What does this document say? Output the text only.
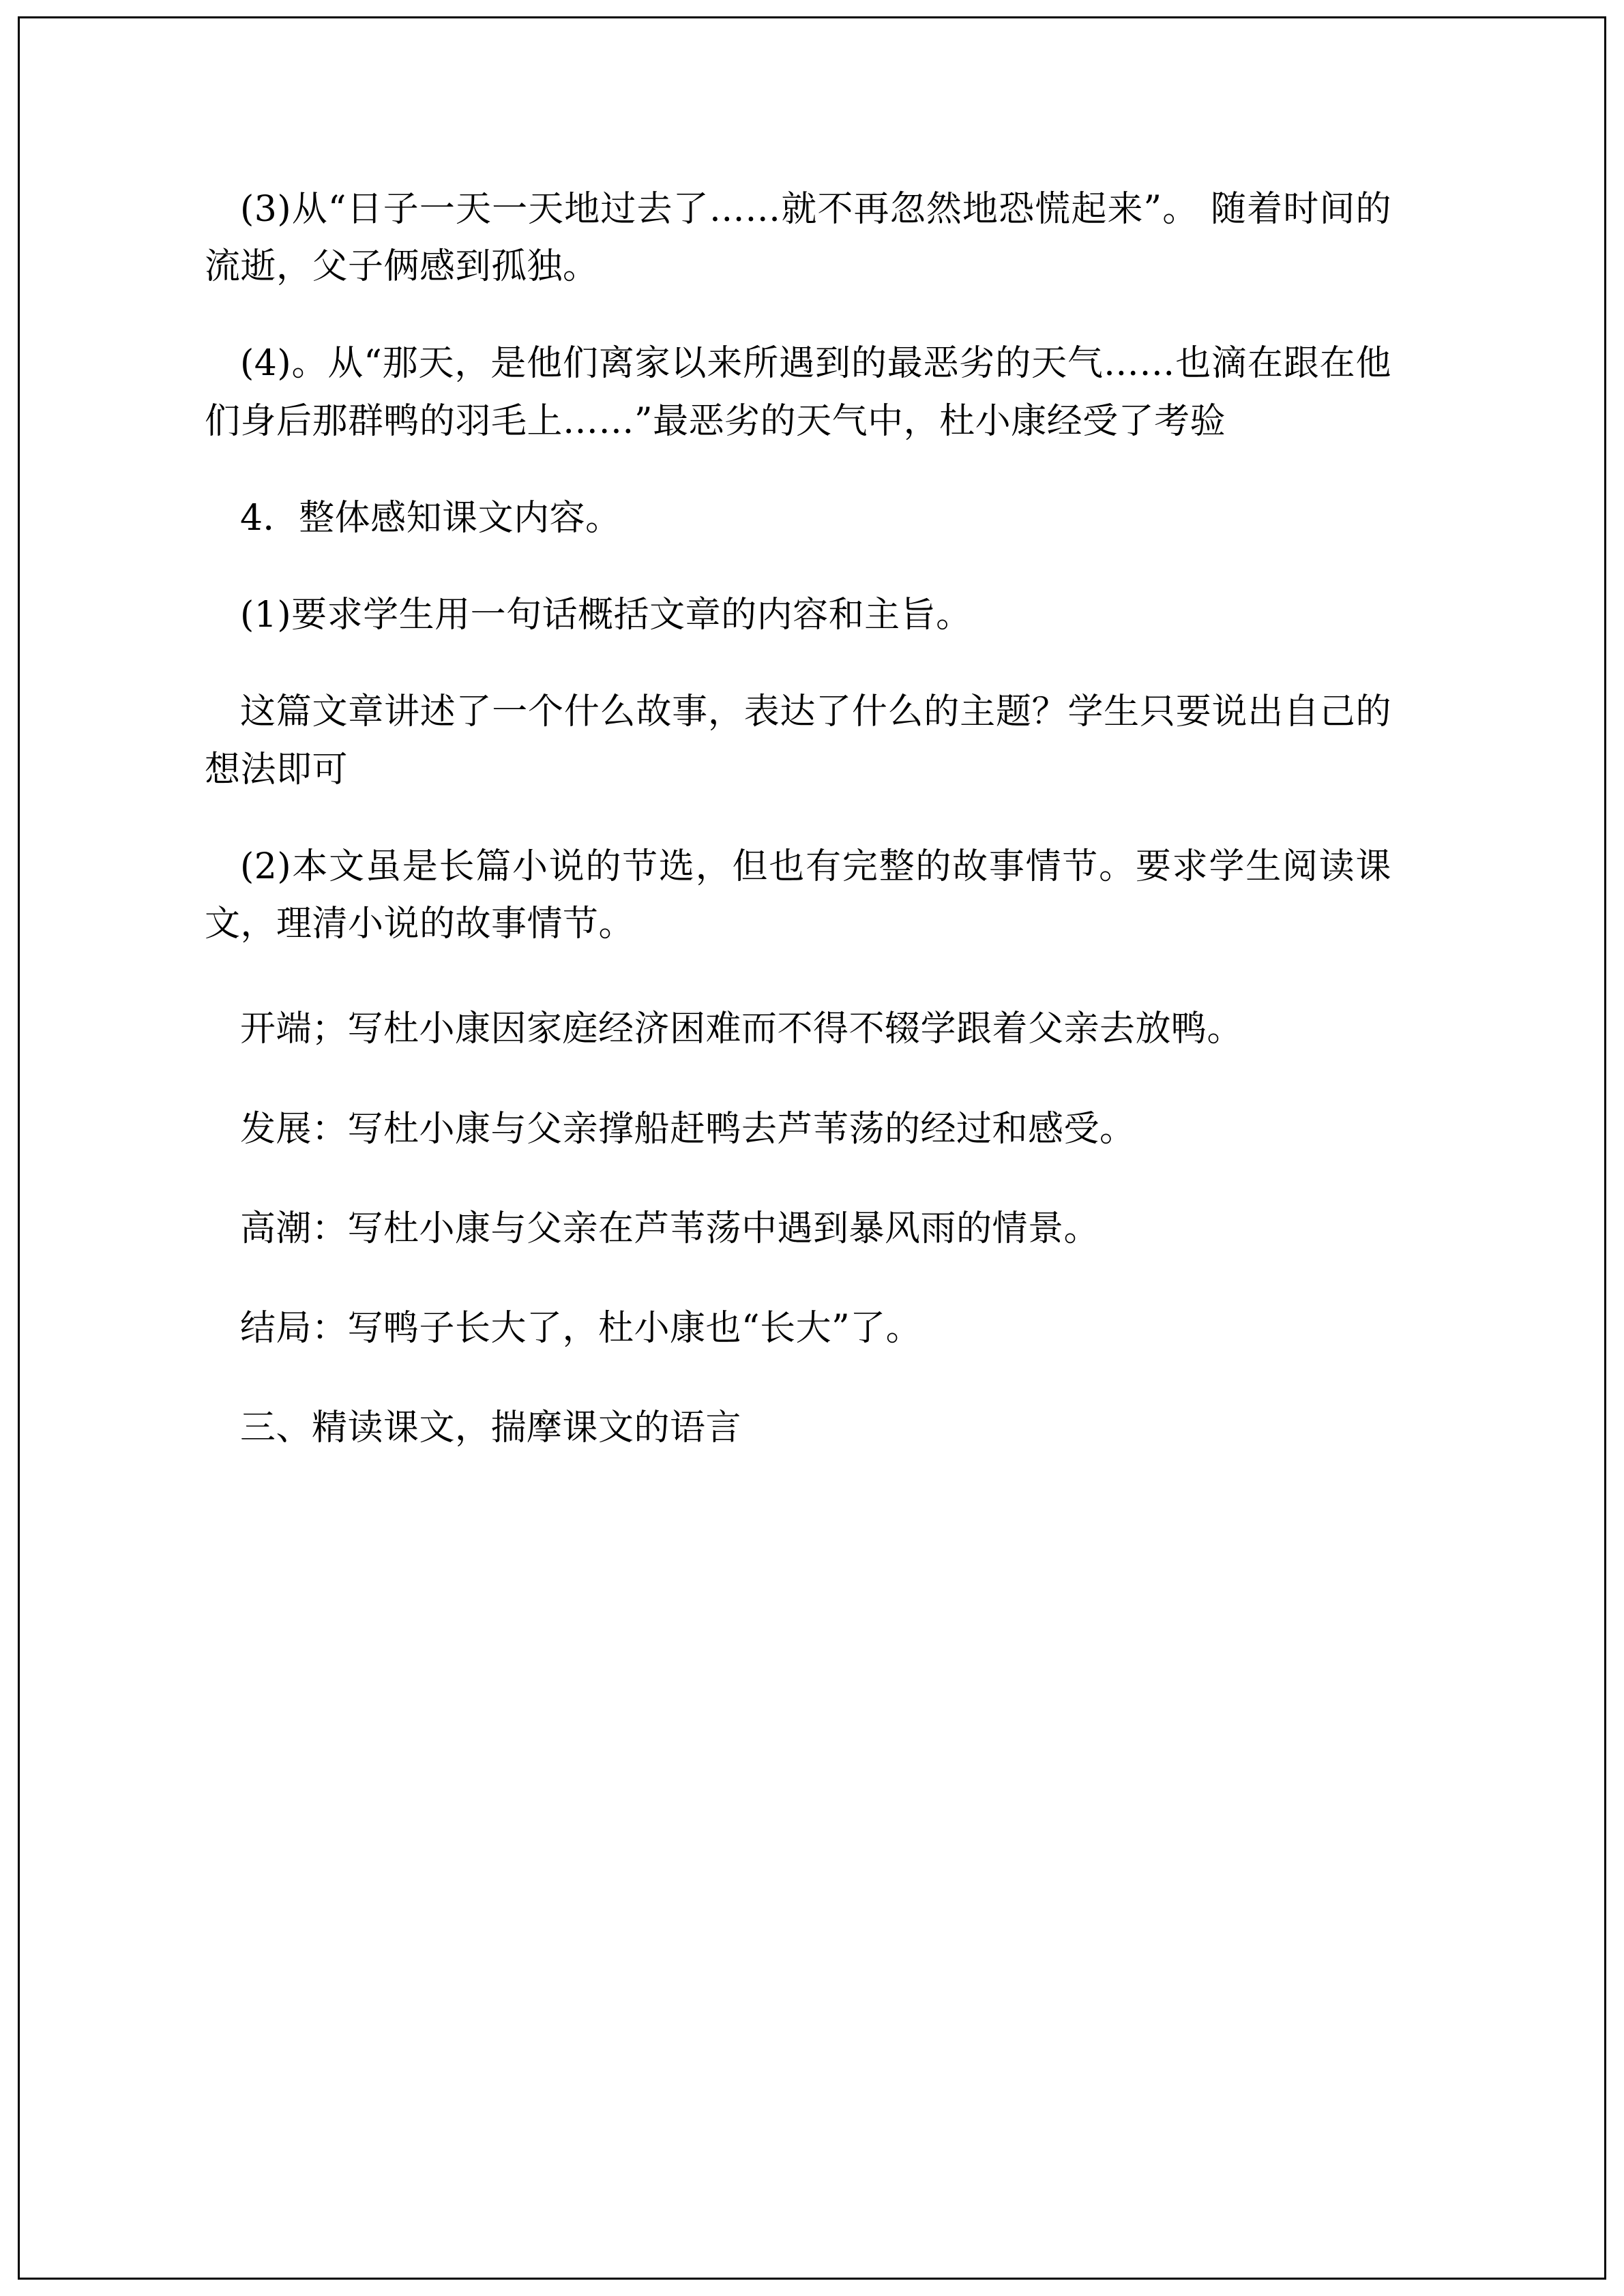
(3)从“日子一天一天地过去了……就不再忽然地恐慌起来”。 随着时间的流逝，父子俩感到孤独。

(4)。从“那天，是他们离家以来所遇到的最恶劣的天气……也滴在跟在他们身后那群鸭的羽毛上……”最恶劣的天气中，杜小康经受了考验

4．整体感知课文内容。

(1)要求学生用一句话概括文章的内容和主旨。

这篇文章讲述了一个什么故事，表达了什么的主题？学生只要说出自己的想法即可

(2)本文虽是长篇小说的节选，但也有完整的故事情节。要求学生阅读课文，理清小说的故事情节。

开端；写杜小康因家庭经济困难而不得不辍学跟着父亲去放鸭。

发展：写杜小康与父亲撑船赶鸭去芦苇荡的经过和感受。

高潮：写杜小康与父亲在芦苇荡中遇到暴风雨的情景。

结局：写鸭子长大了，杜小康也“长大”了。

三、精读课文，揣摩课文的语言
